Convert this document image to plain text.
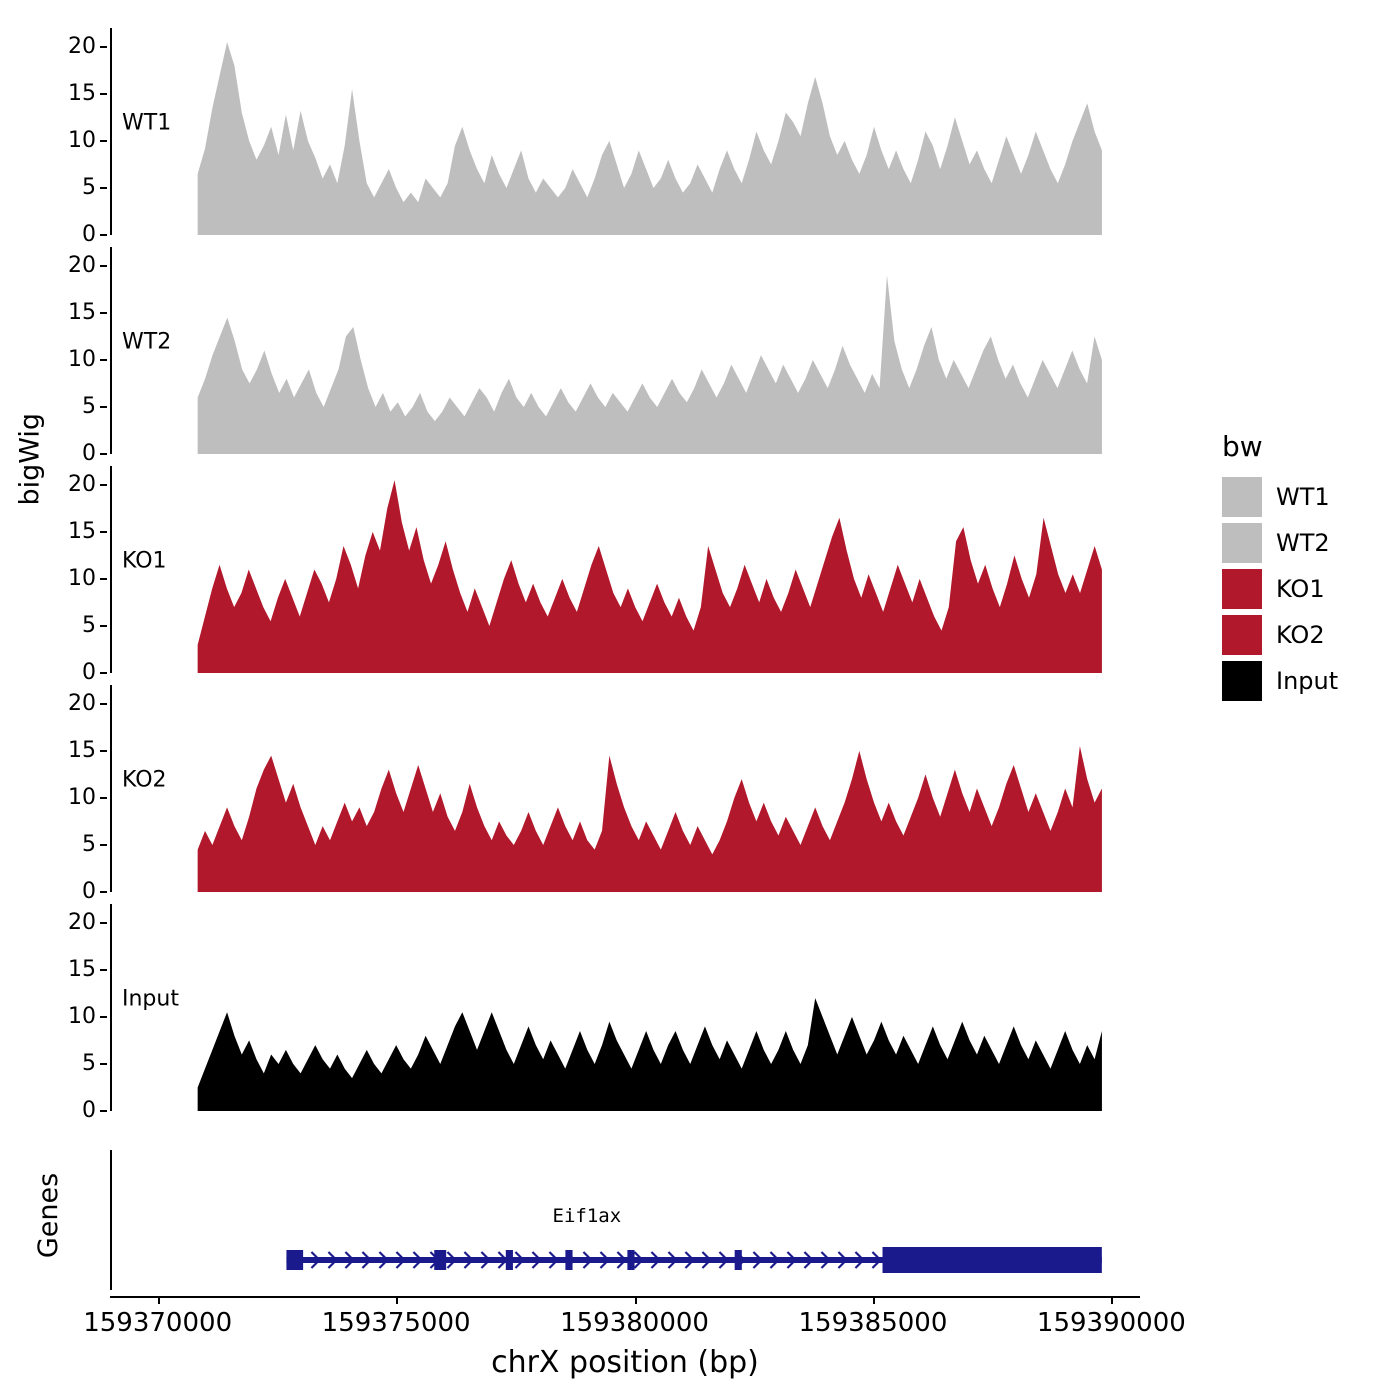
bigWig
Genes
0
5
10
15
20
WT1
0
5
10
15
20
WT2
0
5
10
15
20
KO1
0
5
10
15
20
KO2
0
5
10
15
20
Input
Eif1ax
159370000	159375000	159380000	159385000	159390000
chrX position (bp)
bw
WT1
WT2
KO1
KO2
Input
